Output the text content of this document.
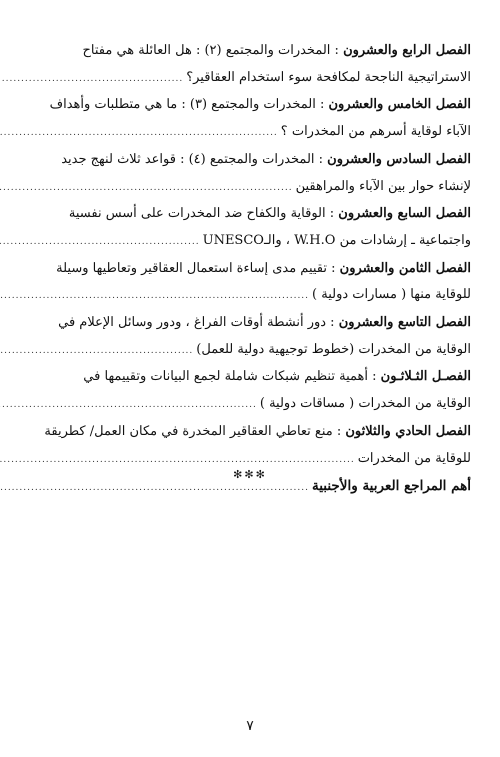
الفصل الرابع والعشرون : المخدرات والمجتمع (٢) : هل العائلة هي مفتاح
الاستراتيجية الناجحة لمكافحة سوء استخدام العقاقير؟
.....
الفصل الخامس والعشرون : المخدرات والمجتمع (٣) : ما هي متطلبات وأهداف
الآباء لوقاية أسرهم من المخدرات ؟
.....
الفصل السادس والعشرون : المخدرات والمجتمع (٤) : قواعد ثلاث لنهج جديد
لإنشاء حوار بين الآباء والمراهقين
.....
الفصل السابع والعشرون : الوقاية والكفاح ضد المخدرات على أسس نفسية
واجتماعية ـ إرشادات من W.H.O ، والـUNESCO
.....
الفصل الثامن والعشرون : تقييم مدى إساءة استعمال العقاقير وتعاطيها وسيلة
للوقاية منها ( مسارات دولية )
.....
الفصل التاسع والعشرون : دور أنشطة أوقات الفراغ ، ودور وسائل الإعلام في
الوقاية من المخدرات (خطوط توجيهية دولية للعمل)
.....
الفصـل الثـلاثـون : أهمية تنظيم شبكات شاملة لجمع البيانات وتقييمها في
الوقاية من المخدرات ( مساقات دولية )
.....
الفصل الحادي والثلاثون : منع تعاطي العقاقير المخدرة في مكان العمل/ كطريقة
للوقاية من المخدرات
.....
أهم المراجع العربية والأجنبية
.....
✻✻✻
٧
